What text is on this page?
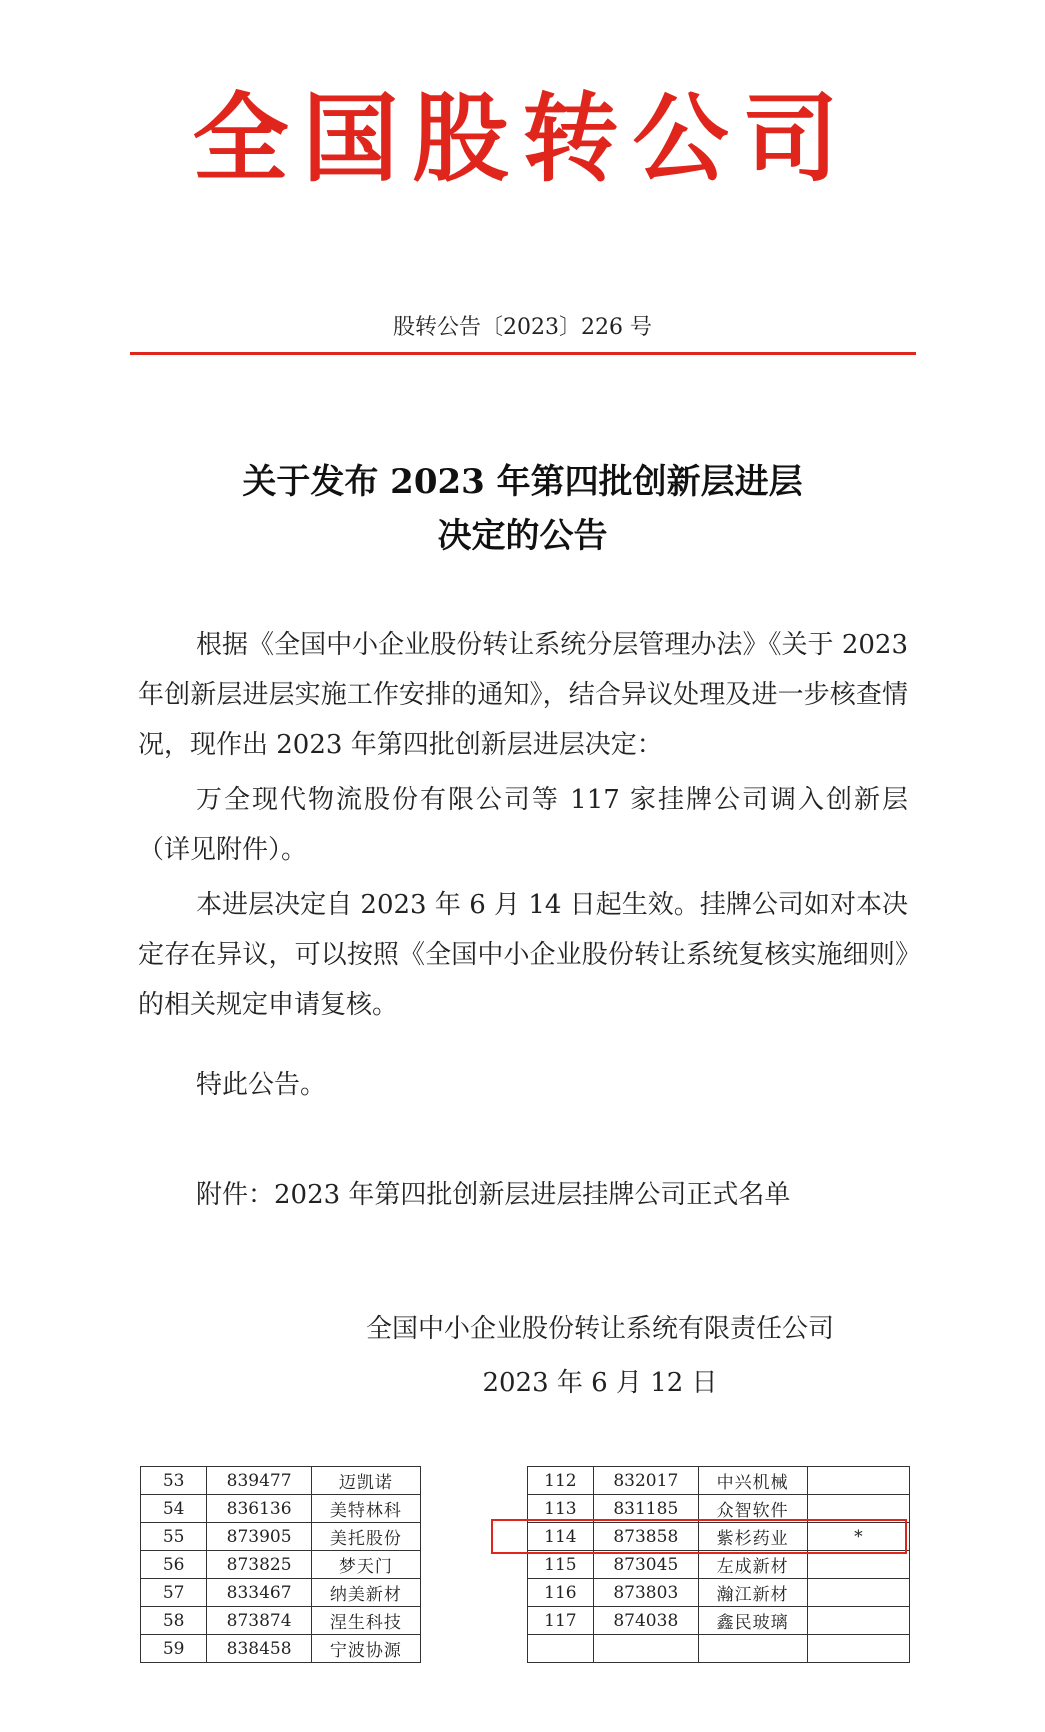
全国股转公司
股转公告〔2023〕226 号
关于发布 2023 年第四批创新层进层
决定的公告
根据《全国中小企业股份转让系统分层管理办法》《关于 2023 年创新层进层实施工作安排的通知》，结合异议处理及进一步核查情况，现作出 2023 年第四批创新层进层决定：
万全现代物流股份有限公司等 117 家挂牌公司调入创新层（详见附件）。
本进层决定自 2023 年 6 月 14 日起生效。挂牌公司如对本决定存在异议，可以按照《全国中小企业股份转让系统复核实施细则》的相关规定申请复核。
特此公告。
附件：2023 年第四批创新层进层挂牌公司正式名单
全国中小企业股份转让系统有限责任公司
2023 年 6 月 12 日
53	839477	迈凯诺		112	832017	中兴机械	
54	836136	美特林科		113	831185	众智软件	
55	873905	美托股份		114	873858	紫杉药业	*
56	873825	梦天门		115	873045	左成新材	
57	833467	纳美新材		116	873803	瀚江新材	
58	873874	涅生科技		117	874038	鑫民玻璃	
59	838458	宁波协源					
